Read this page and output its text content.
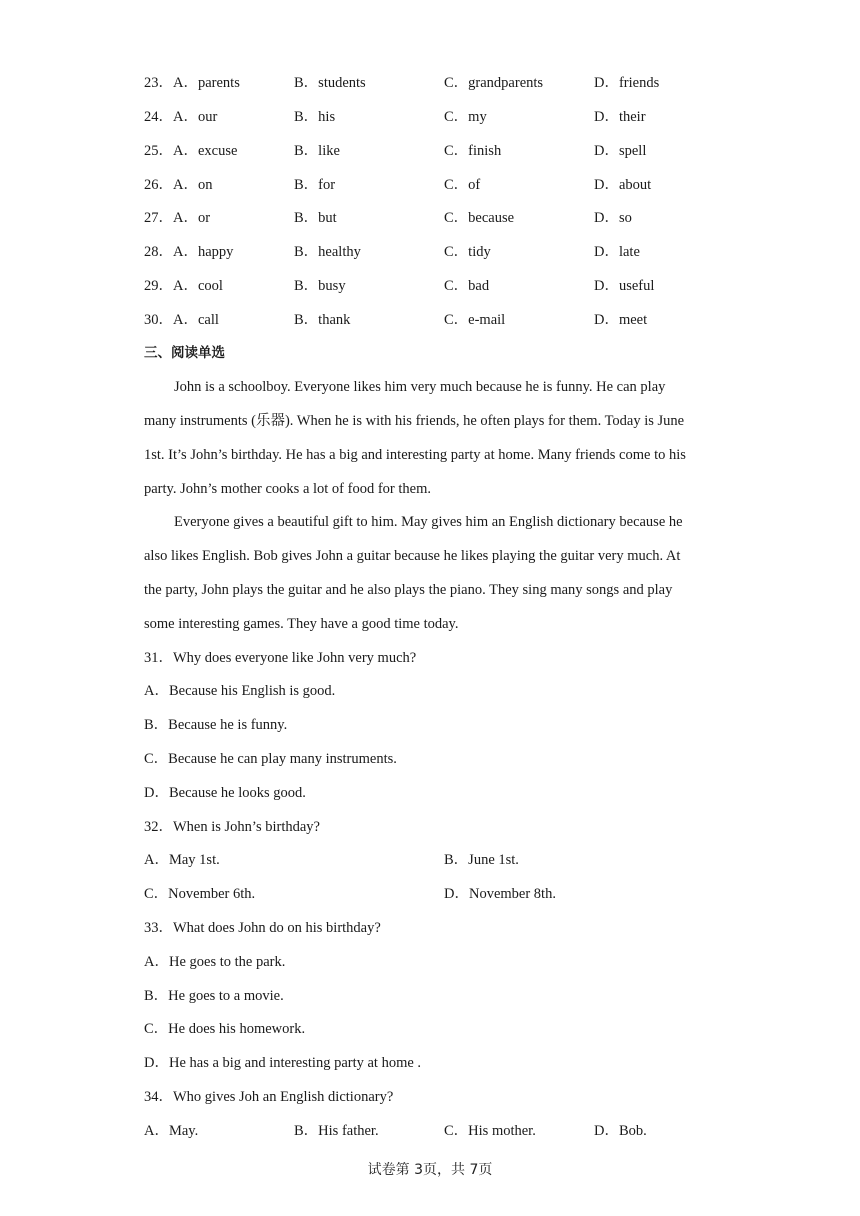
23．A．parents	B．students	C．grandparents	D．friends
24．A．our	B．his	C．my	D．their
25．A．excuse	B．like	C．finish	D．spell
26．A．on	B．for	C．of	D．about
27．A．or	B．but	C．because	D．so
28．A．happy	B．healthy	C．tidy	D．late
29．A．cool	B．busy	C．bad	D．useful
30．A．call	B．thank	C．e-mail	D．meet
三、阅读单选
John is a schoolboy. Everyone likes him very much because he is funny. He can play
many instruments (乐器). When he is with his friends, he often plays for them. Today is June
1st. It’s John’s birthday. He has a big and interesting party at home. Many friends come to his
party. John’s mother cooks a lot of food for them.
Everyone gives a beautiful gift to him. May gives him an English dictionary because he
also likes English. Bob gives John a guitar because he likes playing the guitar very much. At
the party, John plays the guitar and he also plays the piano. They sing many songs and play
some interesting games. They have a good time today.
31．Why does everyone like John very much?
A．Because his English is good.
B．Because he is funny.
C．Because he can play many instruments.
D．Because he looks good.
32．When is John’s birthday?
A．May 1st.	B．June 1st.
C．November 6th.	D．November 8th.
33．What does John do on his birthday?
A．He goes to the park.
B．He goes to a movie.
C．He does his homework.
D．He has a big and interesting party at home .
34．Who gives Joh an English dictionary?
A．May.	B．His father.	C．His mother.	D．Bob.
试卷第 3页，共 7页
